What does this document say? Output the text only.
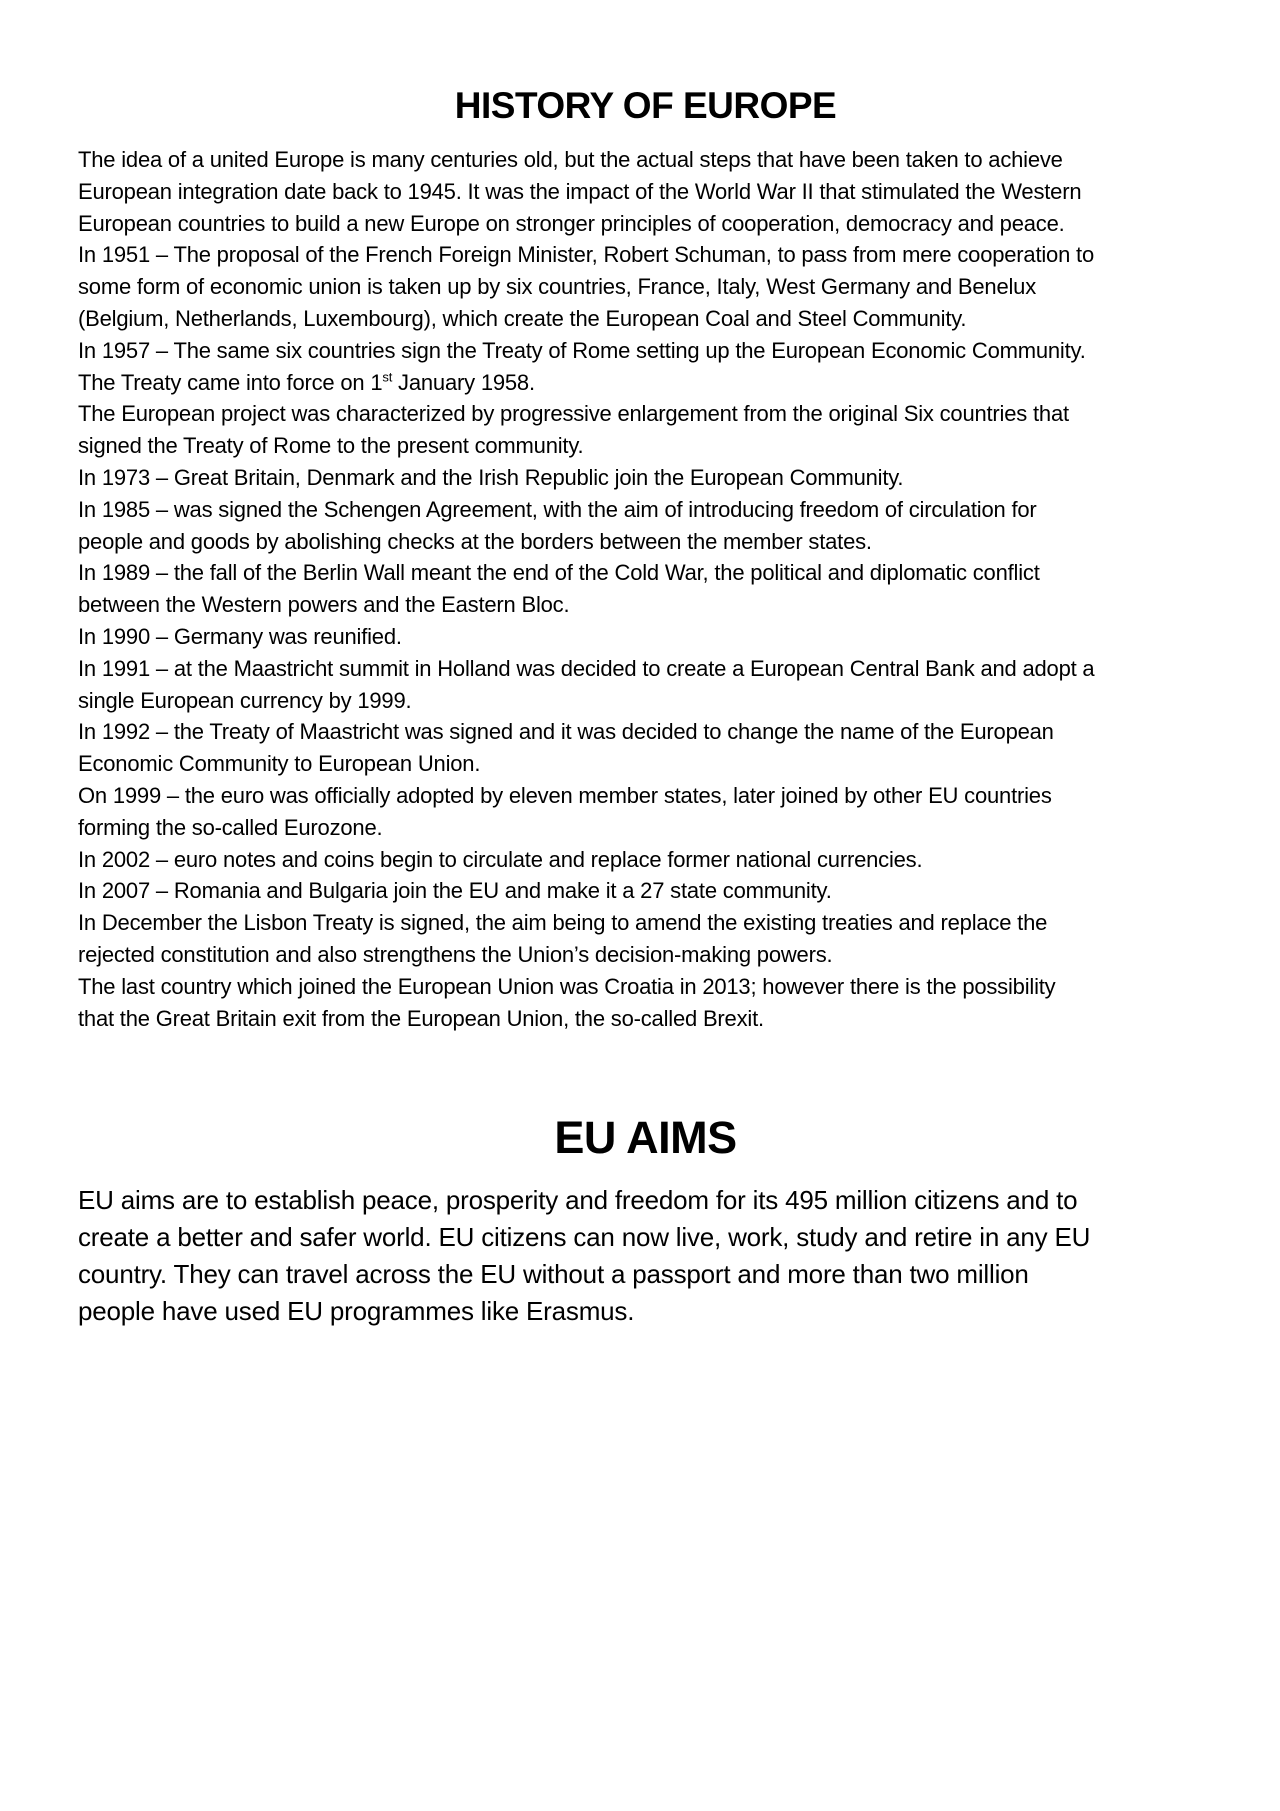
HISTORY OF EUROPE
The idea of a united Europe is many centuries old, but the actual steps that have been taken to achieve
European integration date back to 1945. It was the impact of the World War II that stimulated the Western
European countries to build a new Europe on stronger principles of cooperation, democracy and peace.
In 1951 – The proposal of the French Foreign Minister, Robert Schuman, to pass from mere cooperation to
some form of economic union is taken up by six countries, France, Italy, West Germany and Benelux
(Belgium, Netherlands, Luxembourg), which create the European Coal and Steel Community.
In 1957 – The same six countries sign the Treaty of Rome setting up the European Economic Community.
The Treaty came into force on 1st January 1958.
The European project was characterized by progressive enlargement from the original Six countries that
signed the Treaty of Rome to the present community.
In 1973 – Great Britain, Denmark and the Irish Republic join the European Community.
In 1985 – was signed the Schengen Agreement, with the aim of introducing freedom of circulation for
people and goods by abolishing checks at the borders between the member states.
In 1989 – the fall of the Berlin Wall meant the end of the Cold War, the political and diplomatic conflict
between the Western powers and the Eastern Bloc.
In 1990 – Germany was reunified.
In 1991 – at the Maastricht summit in Holland was decided to create a European Central Bank and adopt a
single European currency by 1999.
In 1992 – the Treaty of Maastricht was signed and it was decided to change the name of the European
Economic Community to European Union.
On 1999 – the euro was officially adopted by eleven member states, later joined by other EU countries
forming the so-called Eurozone.
In 2002 – euro notes and coins begin to circulate and replace former national currencies.
In 2007 – Romania and Bulgaria join the EU and make it a 27 state community.
In December the Lisbon Treaty is signed, the aim being to amend the existing treaties and replace the
rejected constitution and also strengthens the Union’s decision-making powers.
The last country which joined the European Union was Croatia in 2013; however there is the possibility
that the Great Britain exit from the European Union, the so-called Brexit.
EU AIMS
EU aims are to establish peace, prosperity and freedom for its 495 million citizens and to
create a better and safer world. EU citizens can now live, work, study and retire in any EU
country. They can travel across the EU without a passport and more than two million
people have used EU programmes like Erasmus.
